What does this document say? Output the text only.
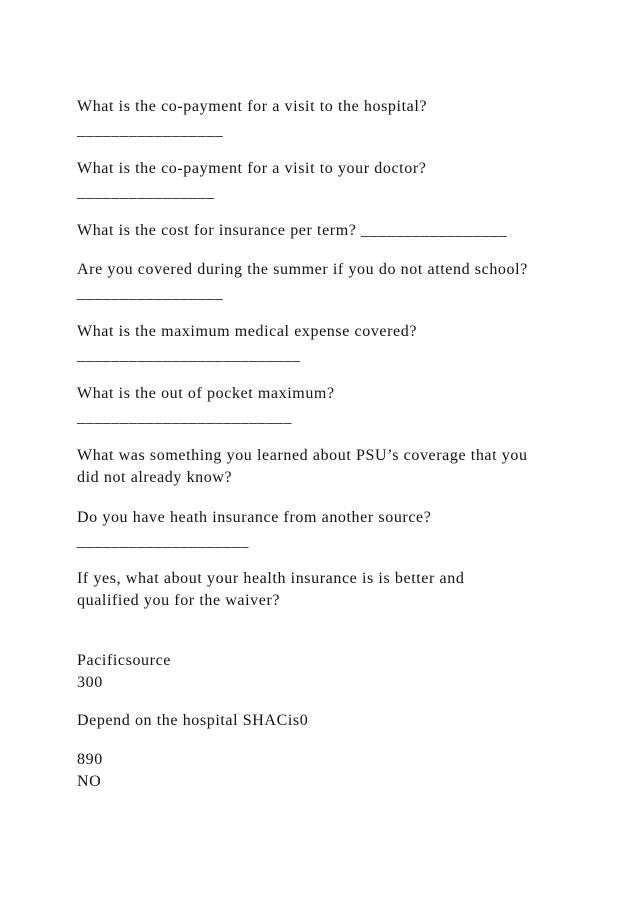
What is the co-payment for a visit to the hospital?
_________________
What is the co-payment for a visit to your doctor?
________________
What is the cost for insurance per term? _________________
Are you covered during the summer if you do not attend school?
_________________
What is the maximum medical expense covered?
__________________________
What is the out of pocket maximum?
_________________________
What was something you learned about PSU’s coverage that you
did not already know?
Do you have heath insurance from another source?
____________________
If yes, what about your health insurance is is better and
qualified you for the waiver?
Pacificsource
300
Depend on the hospital SHACis0
890
NO
